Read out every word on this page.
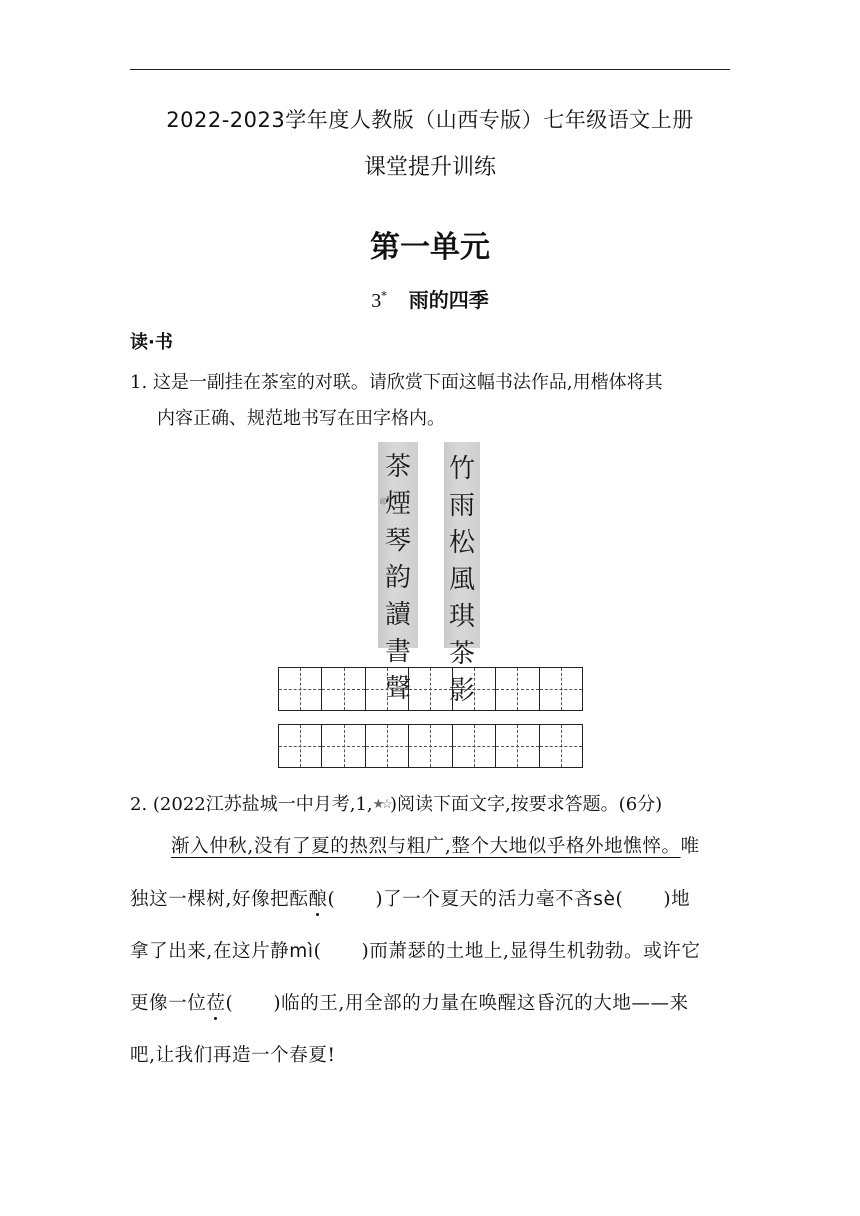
2022-2023学年度人教版（山西专版）七年级语文上册
课堂提升训练
第一单元
3* 雨的四季
读·书
1. 这是一副挂在茶室的对联。请欣赏下面这幅书法作品,用楷体将其
内容正确、规范地书写在田字格内。
茶
煙
琴
韵
讀
書
聲
印
竹
雨
松
風
琪
茶
影
2. (2022江苏盐城一中月考,1,★☆)阅读下面文字,按要求答题。(6分)
渐入仲秋,没有了夏的热烈与粗广,整个大地似乎格外地憔悴。唯
独这一棵树,好像把酝酿( )了一个夏天的活力毫不吝sè( )地
拿了出来,在这片静mì( )而萧瑟的土地上,显得生机勃勃。或许它
更像一位莅( )临的王,用全部的力量在唤醒这昏沉的大地——来
吧,让我们再造一个春夏!
